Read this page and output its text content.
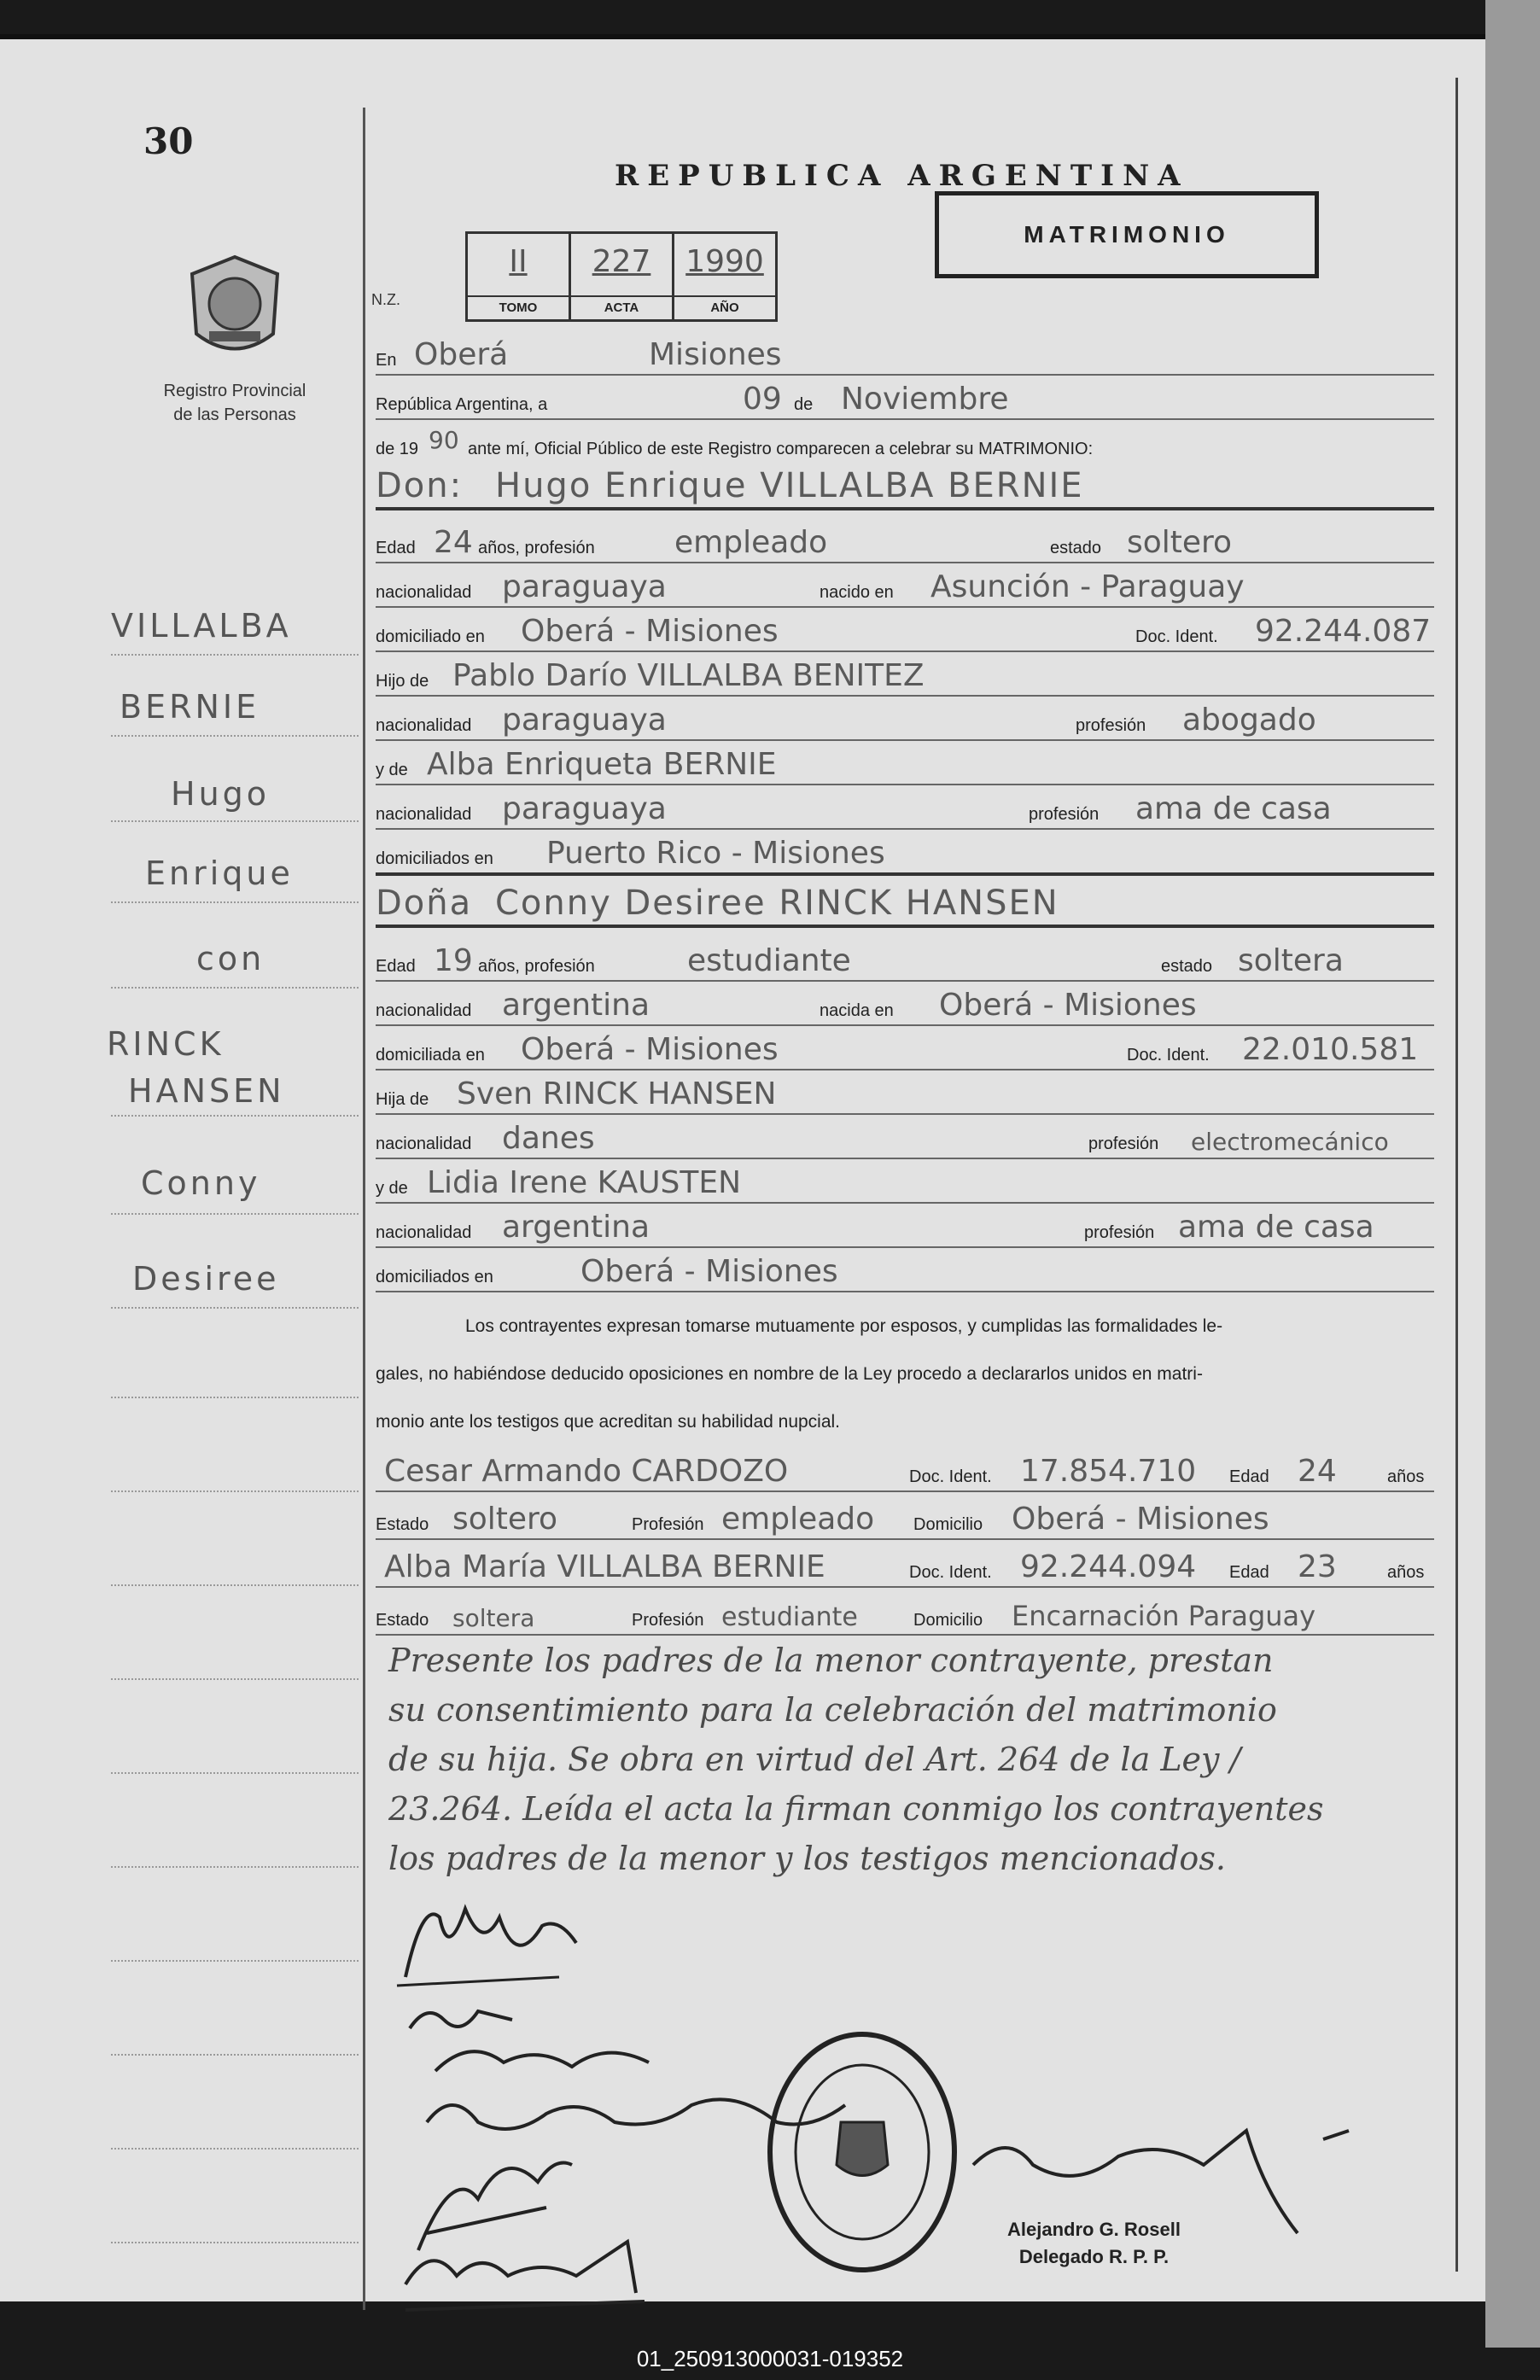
30
Registro Provincial
de las Personas
REPUBLICA ARGENTINA
MATRIMONIO
N.Z.
II
TOMO
227
ACTA
1990
AÑO
VILLALBA
BERNIE
Hugo
Enrique
con
RINCK
HANSEN
Conny
Desiree
En Oberá	Misiones
República Argentina, a	09 de Noviembre
de 19 90 ante mí, Oficial Público de este Registro comparecen a celebrar su MATRIMONIO:
Don: Hugo Enrique VILLALBA BERNIE
Edad 24 años, profesión	empleado	estado soltero
nacionalidad paraguaya	nacido en Asunción - Paraguay
domiciliado en Oberá - Misiones	Doc. Ident. 92.244.087
Hijo de Pablo Darío VILLALBA BENITEZ
nacionalidad paraguaya	profesión abogado
y de Alba Enriqueta BERNIE
nacionalidad paraguaya	profesión ama de casa
domiciliados en Puerto Rico - Misiones
Doña Conny Desiree RINCK HANSEN
Edad 19 años, profesión	estudiante	estado soltera
nacionalidad argentina	nacida en Oberá - Misiones
domiciliada en Oberá - Misiones	Doc. Ident. 22.010.581
Hija de Sven RINCK HANSEN
nacionalidad danes	profesión electromecánico
y de Lidia Irene KAUSTEN
nacionalidad argentina	profesión ama de casa
domiciliados en	Oberá - Misiones
Los contrayentes expresan tomarse mutuamente por esposos, y cumplidas las formalidades le-
gales, no habiéndose deducido oposiciones en nombre de la Ley procedo a declararlos unidos en matri-
monio ante los testigos que acreditan su habilidad nupcial.
Cesar Armando CARDOZO	Doc. Ident. 17.854.710 Edad 24	años
Estado soltero	Profesión empleado Domicilio Oberá - Misiones
Alba María VILLALBA BERNIE	Doc. Ident. 92.244.094 Edad 23	años
Estado soltera	Profesión estudiante	Domicilio Encarnación Paraguay
Presente los padres de la menor contrayente, prestan
su consentimiento para la celebración del matrimonio
de su hija. Se obra en virtud del Art. 264 de la Ley /
23.264. Leída el acta la firman conmigo los contrayentes
los padres de la menor y los testigos mencionados.
Alejandro G. Rosell
Delegado R. P. P.
01_250913000031-019352
